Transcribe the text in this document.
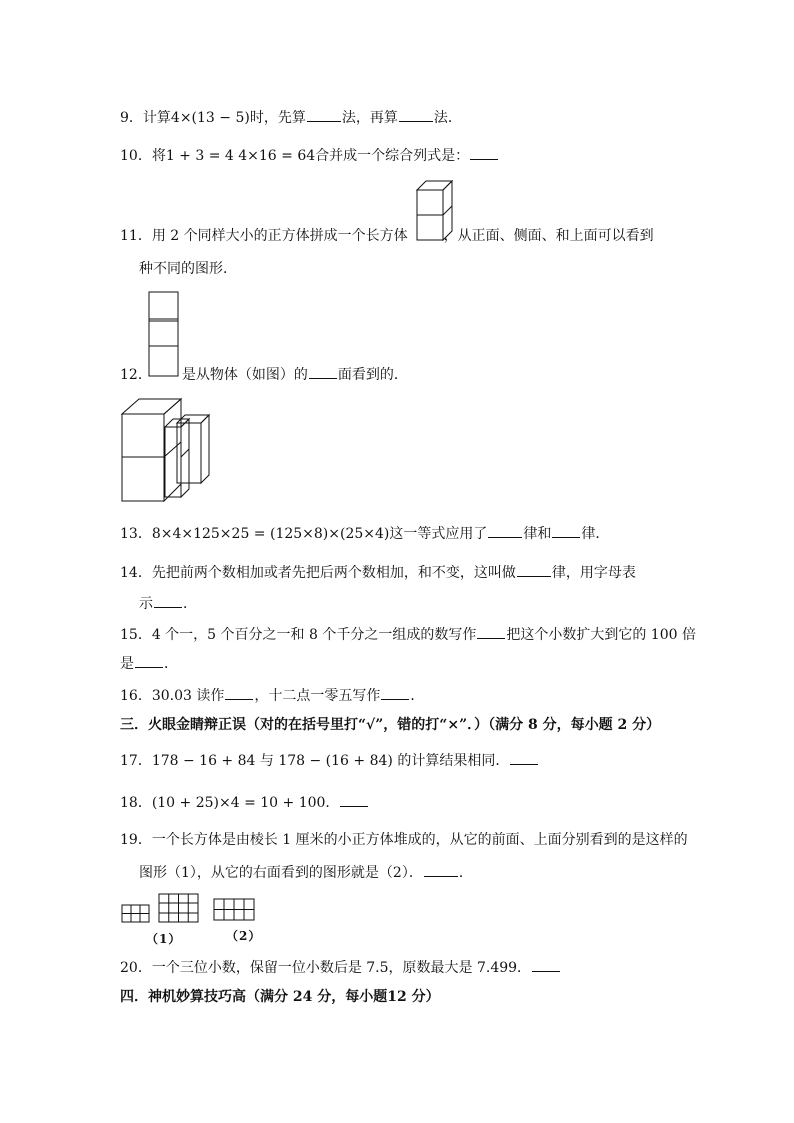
9．计算4×(13 − 5)时，先算	法，再算	法．
10．将1 + 3 = 4 4×16 = 64合并成一个综合列式是：
11．用 2 个同样大小的正方体拼成一个长方体	，从正面、侧面、和上面可以看到
种不同的图形．
12． 是从物体（如图）的 面看到的．
13．8×4×125×25 = (125×8)×(25×4)这一等式应用了	律和 律．
14．先把前两个数相加或者先把后两个数相加，和不变，这叫做	律，用字母表
示 ．
15．4 个一，5 个百分之一和 8 个千分之一组成的数写作 把这个小数扩大到它的 100 倍
是 ．
16．30.03 读作 ，十二点一零五写作 ．
三．火眼金睛辩正误（对的在括号里打“√”，错的打“×”．）（满分 8 分，每小题 2 分）
17．178 − 16 + 84 与 178 − (16 + 84) 的计算结果相同．
18．(10 + 25)×4 = 10 + 100．
19．一个长方体是由棱长 1 厘米的小正方体堆成的，从它的前面、上面分别看到的是这样的
图形（1），从它的右面看到的图形就是（2）．	．
（1）	（2）
20．一个三位小数，保留一位小数后是 7.5，原数最大是 7.499．
四．神机妙算技巧高（满分 24 分，每小题12 分）
